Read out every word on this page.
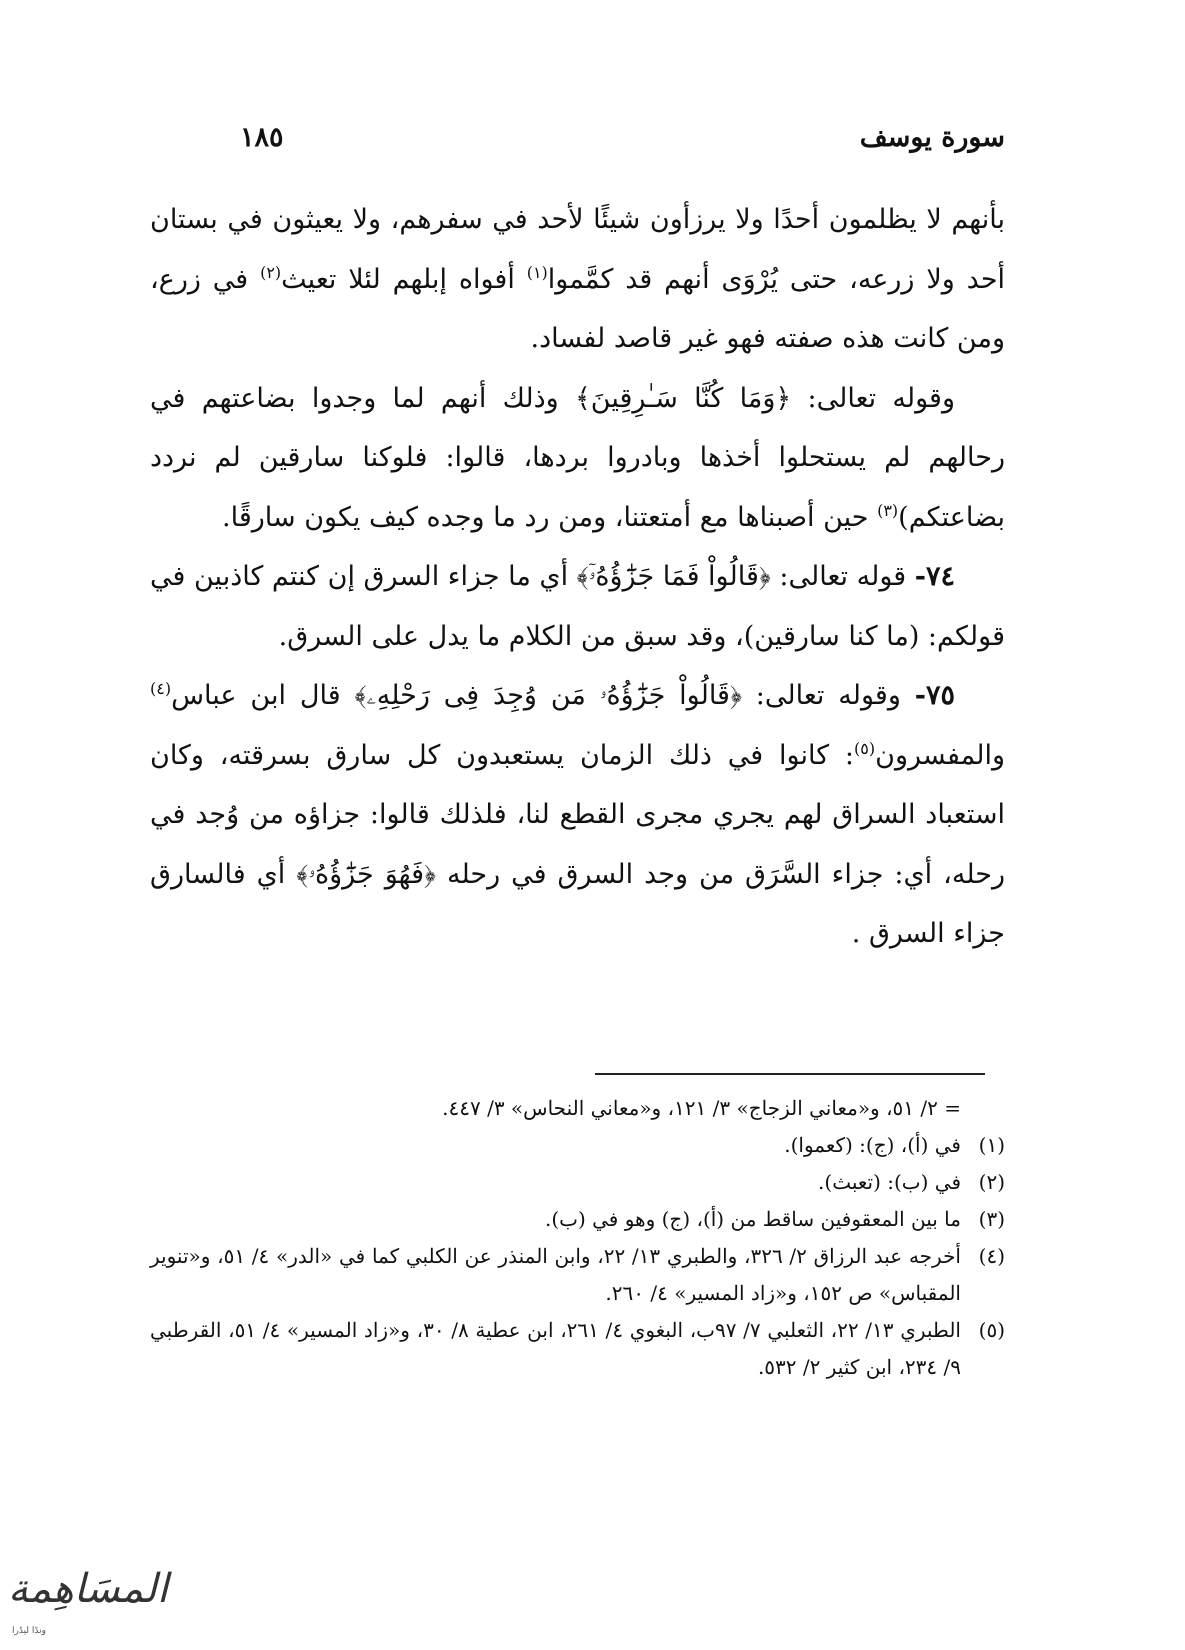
سورة يوسف
١٨٥

بأنهم لا يظلمون أحدًا ولا يرزأون شيئًا لأحد في سفرهم، ولا يعيثون في بستان أحد ولا زرعه، حتى يُرْوَى أنهم قد كمَّموا$^{(١)}$ أفواه إبلهم لئلا تعيث$^{(٢)}$ في زرع، ومن كانت هذه صفته فهو غير قاصد لفساد.

وقوله تعالى: ﴿وَمَا كُنَّا سَـٰرِقِينَ﴾ وذلك أنهم لما وجدوا بضاعتهم في رحالهم لم يستحلوا أخذها وبادروا بردها، قالوا: فلوكنا سارقين لم نردد بضاعتكم)$^{(٣)}$ حين أصبناها مع أمتعتنا، ومن رد ما وجده كيف يكون سارقًا.

٧٤- قوله تعالى: ﴿قَالُواْ فَمَا جَزَٰٓؤُهُۥٓ﴾ أي ما جزاء السرق إن كنتم كاذبين في قولكم: (ما كنا سارقين)، وقد سبق من الكلام ما يدل على السرق.

٧٥- وقوله تعالى: ﴿قَالُواْ جَزَٰٓؤُهُۥ مَن وُجِدَ فِى رَحْلِهِۦ﴾ قال ابن عباس$^{(٤)}$ والمفسرون$^{(٥)}$: كانوا في ذلك الزمان يستعبدون كل سارق بسرقته، وكان استعباد السراق لهم يجري مجرى القطع لنا، فلذلك قالوا: جزاؤه من وُجد في رحله، أي: جزاء السَّرَق من وجد السرق في رحله ﴿فَهُوَ جَزَٰٓؤُهُۥ﴾ أي فالسارق جزاء السرق .

= ٢/ ٥١، و«معاني الزجاج» ٣/ ١٢١، و«معاني النحاس» ٣/ ٤٤٧.
(١)
في (أ)، (ج): (كعموا).
(٢)
في (ب): (تعبث).
(٣)
ما بين المعقوفين ساقط من (أ)، (ج) وهو في (ب).
(٤)
أخرجه عبد الرزاق ٢/ ٣٢٦، والطبري ١٣/ ٢٢، وابن المنذر عن الكلبي كما في «الدر» ٤/ ٥١، و«تنوير المقباس» ص ١٥٢، و«زاد المسير» ٤/ ٢٦٠.
(٥)
الطبري ١٣/ ٢٢، الثعلبي ٧/ ٩٧ب، البغوي ٤/ ٢٦١، ابن عطية ٨/ ٣٠، و«زاد المسير» ٤/ ٥١، القرطبي ٩/ ٢٣٤، ابن كثير ٢/ ٥٣٢.
المسَاهِمة
ونڈا لیڈرا
